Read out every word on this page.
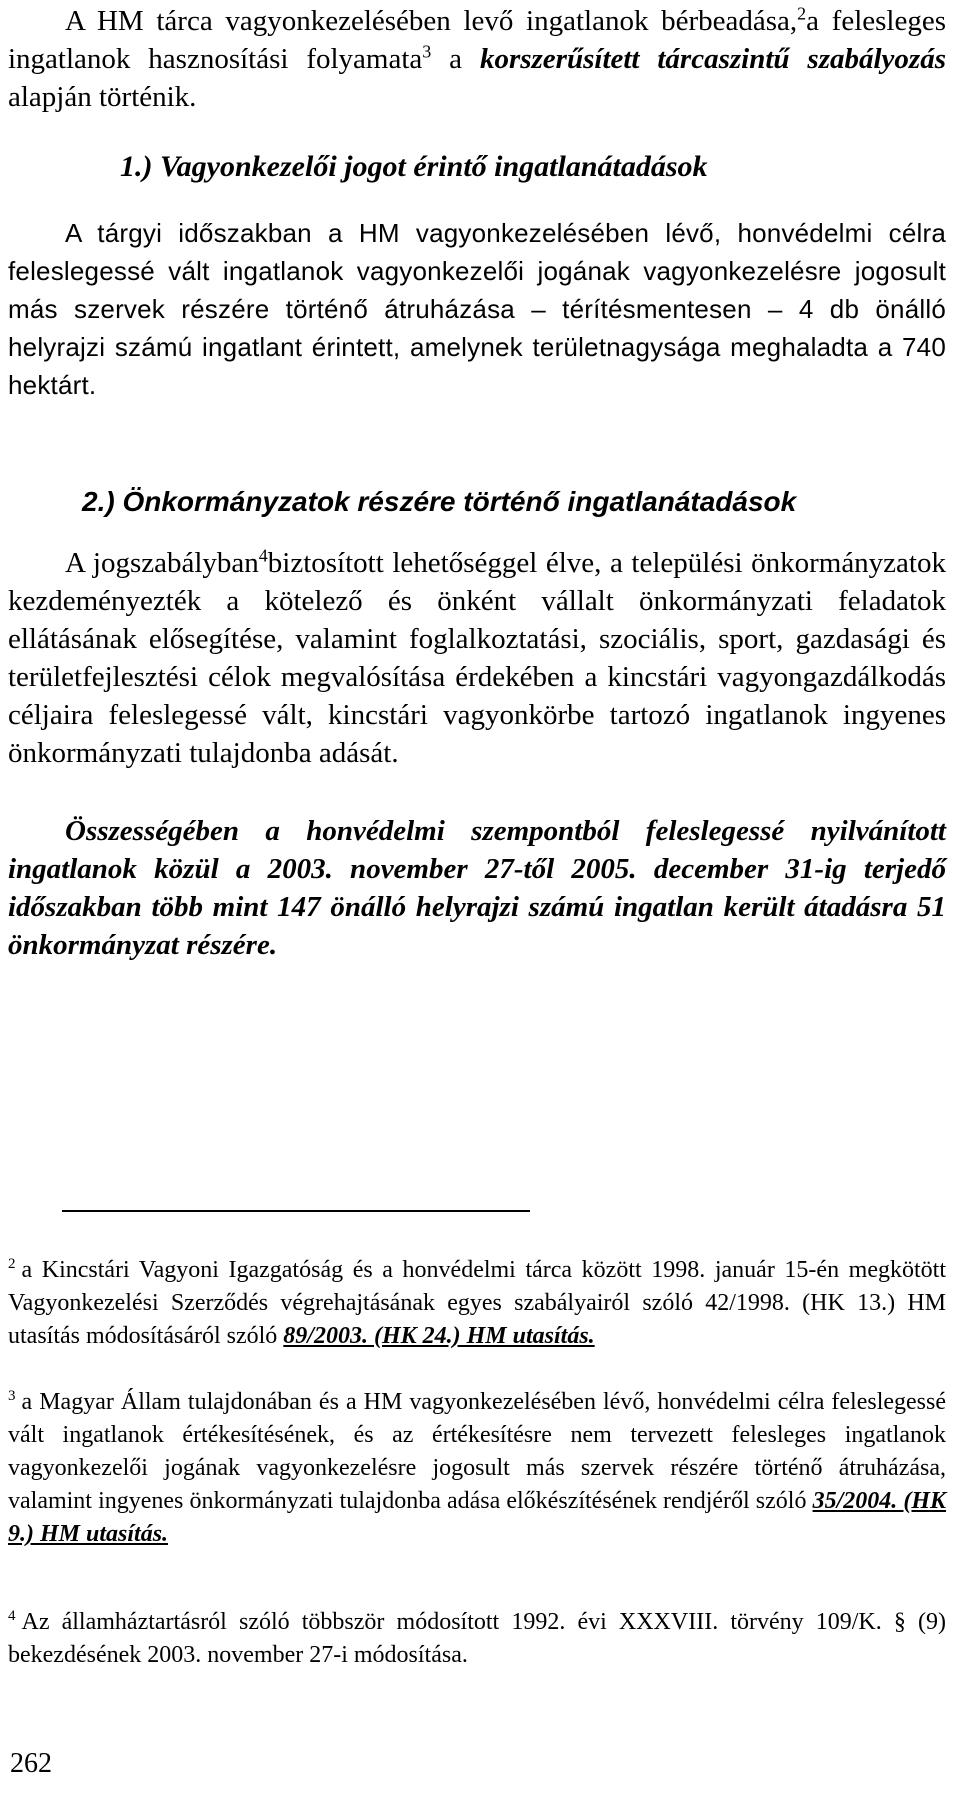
A HM tárca vagyonkezelésében levő ingatlanok bérbeadása,$^2$a felesleges ingatlanok hasznosítási folyamata$^3$ a korszerűsített tárcaszintű szabályozás alapján történik.

1.) Vagyonkezelői jogot érintő ingatlanátadások

A tárgyi időszakban a HM vagyonkezelésében lévő, honvédelmi célra feleslegessé vált ingatlanok vagyonkezelői jogának vagyonkezelésre jogosult más szervek részére történő átruházása – térítésmentesen – 4 db önálló helyrajzi számú ingatlant érintett, amelynek területnagysága meghaladta a 740 hektárt.

2.) Önkormányzatok részére történő ingatlanátadások

A jogszabályban$^4$biztosított lehetőséggel élve, a települési önkormányzatok kezdeményezték a kötelező és önként vállalt önkormányzati feladatok ellátásának elősegítése, valamint foglalkoztatási, szociális, sport, gazdasági és területfejlesztési célok megvalósítása érdekében a kincstári vagyongazdálkodás céljaira feleslegessé vált, kincstári vagyonkörbe tartozó ingatlanok ingyenes önkormányzati tulajdonba adását.

Összességében a honvédelmi szempontból feleslegessé nyilvánított ingatlanok közül a 2003. november 27-től 2005. december 31-ig terjedő időszakban több mint 147 önálló helyrajzi számú ingatlan került átadásra 51 önkormányzat részére.

$^2$ a Kincstári Vagyoni Igazgatóság és a honvédelmi tárca között 1998. január 15-én megkötött Vagyonkezelési Szerződés végrehajtásának egyes szabályairól szóló 42/1998. (HK 13.) HM utasítás módosításáról szóló 89/2003. (HK 24.) HM utasítás.

$^3$ a Magyar Állam tulajdonában és a HM vagyonkezelésében lévő, honvédelmi célra feleslegessé vált ingatlanok értékesítésének, és az értékesítésre nem tervezett felesleges ingatlanok vagyonkezelői jogának vagyonkezelésre jogosult más szervek részére történő átruházása, valamint ingyenes önkormányzati tulajdonba adása előkészítésének rendjéről szóló 35/2004. (HK 9.) HM utasítás.

$^4$ Az államháztartásról szóló többször módosított 1992. évi XXXVIII. törvény 109/K. § (9) bekezdésének 2003. november 27-i módosítása.

262
